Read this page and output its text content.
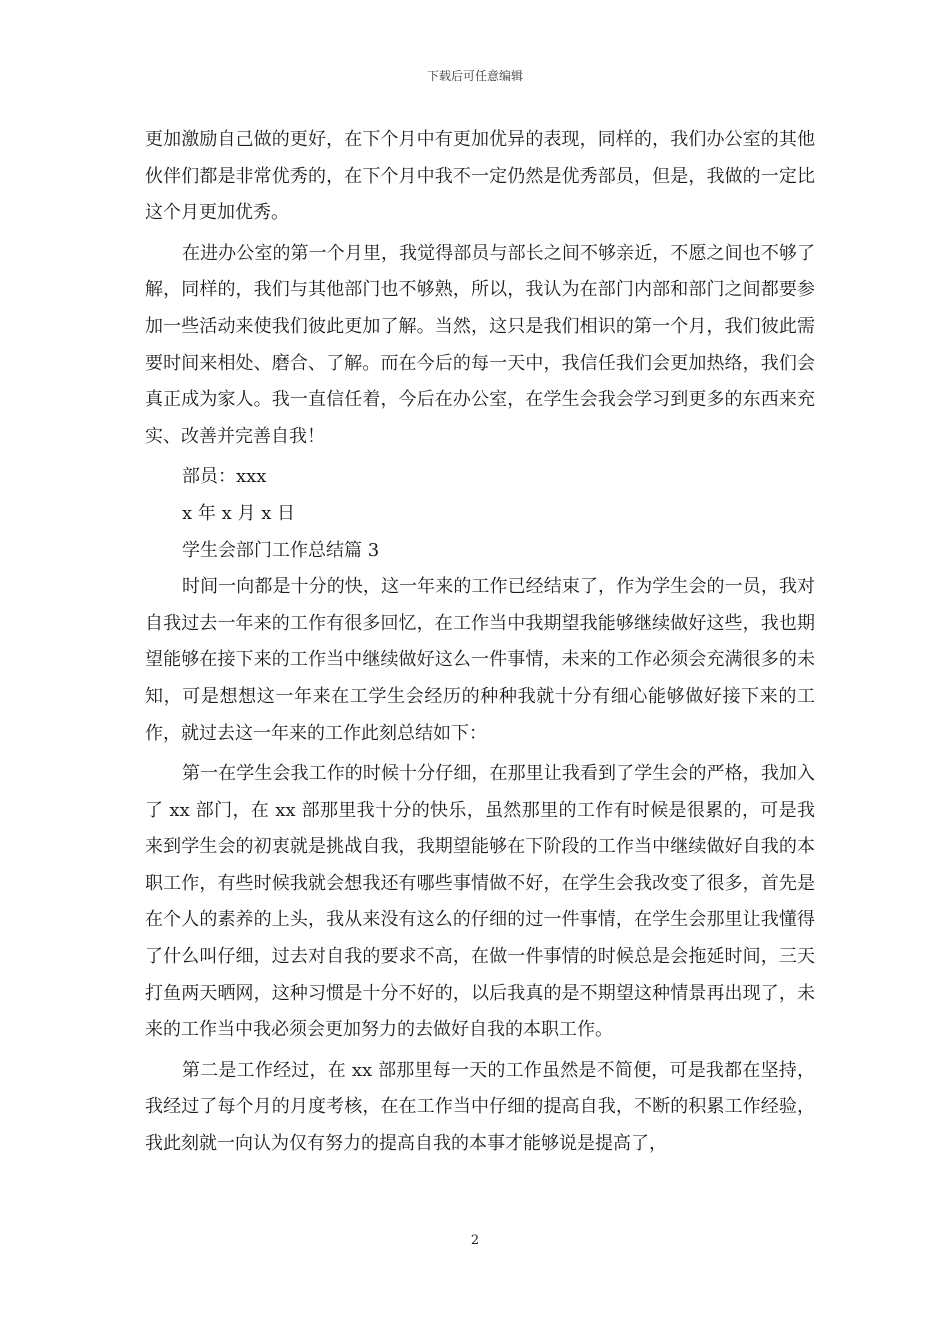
下载后可任意编辑

更加激励自己做的更好，在下个月中有更加优异的表现，同样的，我们办公室的其他伙伴们都是非常优秀的，在下个月中我不一定仍然是优秀部员，但是，我做的一定比这个月更加优秀。

在进办公室的第一个月里，我觉得部员与部长之间不够亲近，不愿之间也不够了解，同样的，我们与其他部门也不够熟，所以，我认为在部门内部和部门之间都要参加一些活动来使我们彼此更加了解。当然，这只是我们相识的第一个月，我们彼此需要时间来相处、磨合、了解。而在今后的每一天中，我信任我们会更加热络，我们会真正成为家人。我一直信任着，今后在办公室，在学生会我会学习到更多的东西来充实、改善并完善自我！

部员：xxx

x 年 x 月 x 日

学生会部门工作总结篇 3

时间一向都是十分的快，这一年来的工作已经结束了，作为学生会的一员，我对自我过去一年来的工作有很多回忆，在工作当中我期望我能够继续做好这些，我也期望能够在接下来的工作当中继续做好这么一件事情，未来的工作必须会充满很多的未知，可是想想这一年来在工学生会经历的种种我就十分有细心能够做好接下来的工作，就过去这一年来的工作此刻总结如下：

第一在学生会我工作的时候十分仔细，在那里让我看到了学生会的严格，我加入了 xx 部门，在 xx 部那里我十分的快乐，虽然那里的工作有时候是很累的，可是我来到学生会的初衷就是挑战自我，我期望能够在下阶段的工作当中继续做好自我的本职工作，有些时候我就会想我还有哪些事情做不好，在学生会我改变了很多，首先是在个人的素养的上头，我从来没有这么的仔细的过一件事情，在学生会那里让我懂得了什么叫仔细，过去对自我的要求不高，在做一件事情的时候总是会拖延时间，三天打鱼两天晒网，这种习惯是十分不好的，以后我真的是不期望这种情景再出现了，未来的工作当中我必须会更加努力的去做好自我的本职工作。

第二是工作经过，在 xx 部那里每一天的工作虽然是不简便，可是我都在坚持，我经过了每个月的月度考核，在在工作当中仔细的提高自我，不断的积累工作经验，我此刻就一向认为仅有努力的提高自我的本事才能够说是提高了，

2
